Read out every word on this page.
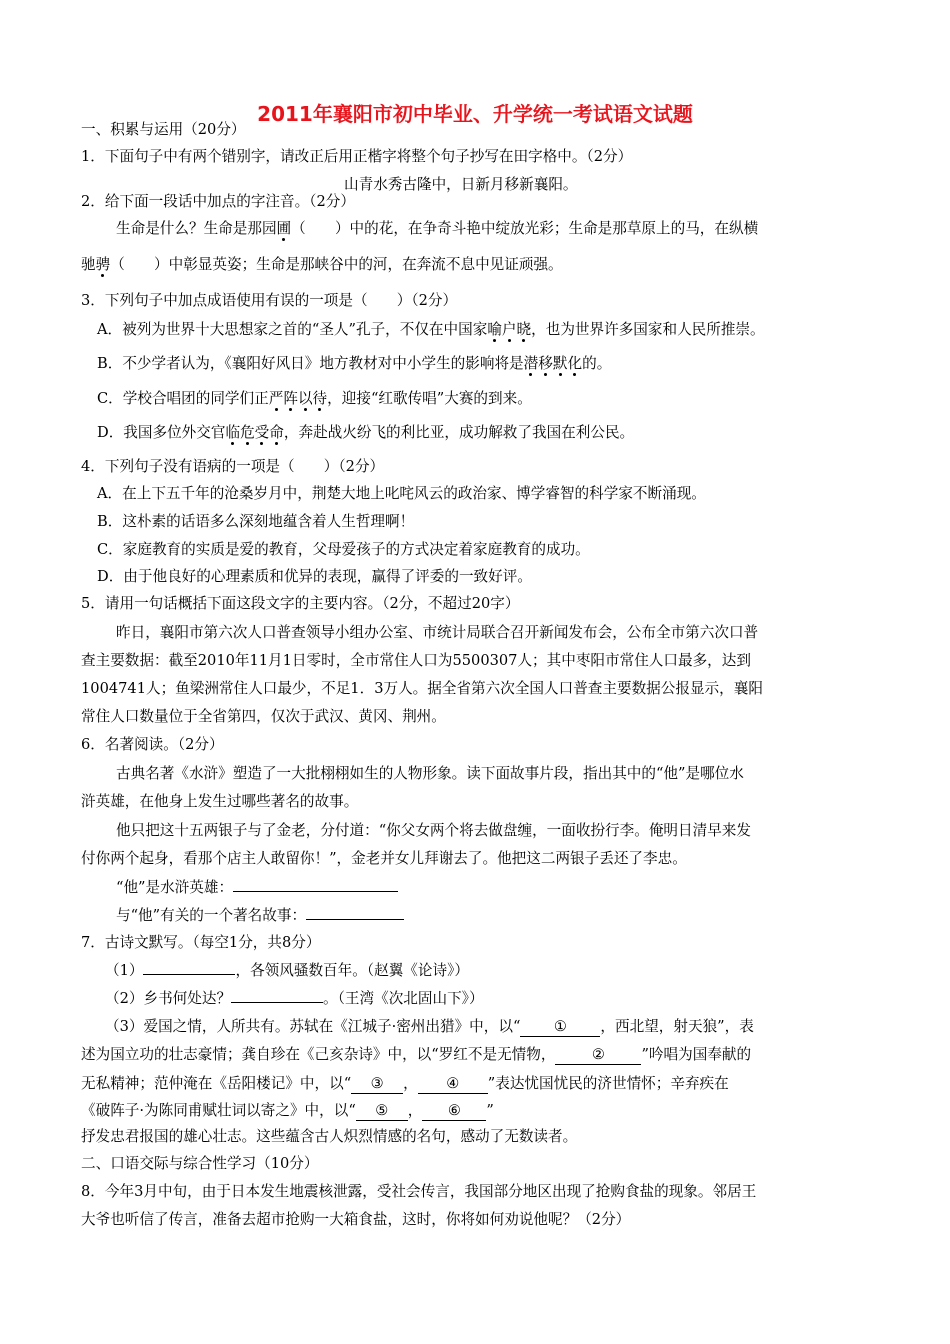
2011年襄阳市初中毕业、升学统一考试语文试题
一、积累与运用（20分）
1．下面句子中有两个错别字，请改正后用正楷字将整个句子抄写在田字格中。（2分）
山青水秀古隆中，日新月移新襄阳。
2．给下面一段话中加点的字注音。（2分）
生命是什么？生命是那园圃（　　）中的花，在争奇斗艳中绽放光彩；生命是那草原上的马，在纵横
驰骋（　　）中彰显英姿；生命是那峡谷中的河，在奔流不息中见证顽强。
3．下列句子中加点成语使用有误的一项是（　　）（2分）
A．被列为世界十大思想家之首的“圣人”孔子，不仅在中国家喻户晓，也为世界许多国家和人民所推崇。
B．不少学者认为，《襄阳好风日》地方教材对中小学生的影响将是潜移默化的。
C．学校合唱团的同学们正严阵以待，迎接“红歌传唱”大赛的到来。
D．我国多位外交官临危受命，奔赴战火纷飞的利比亚，成功解救了我国在利公民。
4．下列句子没有语病的一项是（　　）（2分）
A．在上下五千年的沧桑岁月中，荆楚大地上叱咤风云的政治家、博学睿智的科学家不断涌现。
B．这朴素的话语多么深刻地蕴含着人生哲理啊！
C．家庭教育的实质是爱的教育，父母爱孩子的方式决定着家庭教育的成功。
D．由于他良好的心理素质和优异的表现，赢得了评委的一致好评。
5．请用一句话概括下面这段文字的主要内容。（2分，不超过20字）
昨日，襄阳市第六次人口普查领导小组办公室、市统计局联合召开新闻发布会，公布全市第六次口普
查主要数据：截至2010年11月1日零时，全市常住人口为5500307人；其中枣阳市常住人口最多，达到
1004741人；鱼梁洲常住人口最少，不足1．3万人。据全省第六次全国人口普查主要数据公报显示，襄阳
常住人口数量位于全省第四，仅次于武汉、黄冈、荆州。
6．名著阅读。（2分）
古典名著《水浒》塑造了一大批栩栩如生的人物形象。读下面故事片段，指出其中的“他”是哪位水
浒英雄，在他身上发生过哪些著名的故事。
他只把这十五两银子与了金老，分付道：“你父女两个将去做盘缠，一面收扮行李。俺明日清早来发
付你两个起身，看那个店主人敢留你！”，金老并女儿拜谢去了。他把这二两银子丢还了李忠。
“他”是水浒英雄：
与“他”有关的一个著名故事：
7．古诗文默写。（每空1分，共8分）
（1）	，各领风骚数百年。（赵翼《论诗》）
（2）乡书何处达？	。（王湾《次北固山下》）
（3）爱国之情，人所共有。苏轼在《江城子·密州出猎》中，以“ ① ，西北望，射天狼”，表
述为国立功的壮志豪情；龚自珍在《己亥杂诗》中，以“罗红不是无情物， ② ”吟唱为国奉献的
无私精神；范仲淹在《岳阳楼记》中，以“ ③ ， ④ ”表达忧国忧民的济世情怀；辛弃疾在
《破阵子·为陈同甫赋壮词以寄之》中，以“ ⑤ ， ⑥ ”
抒发忠君报国的雄心壮志。这些蕴含古人炽烈情感的名句，感动了无数读者。
二、口语交际与综合性学习（10分）
8．今年3月中旬，由于日本发生地震核泄露，受社会传言，我国部分地区出现了抢购食盐的现象。邻居王
大爷也听信了传言，准备去超市抢购一大箱食盐，这时，你将如何劝说他呢？（2分）
